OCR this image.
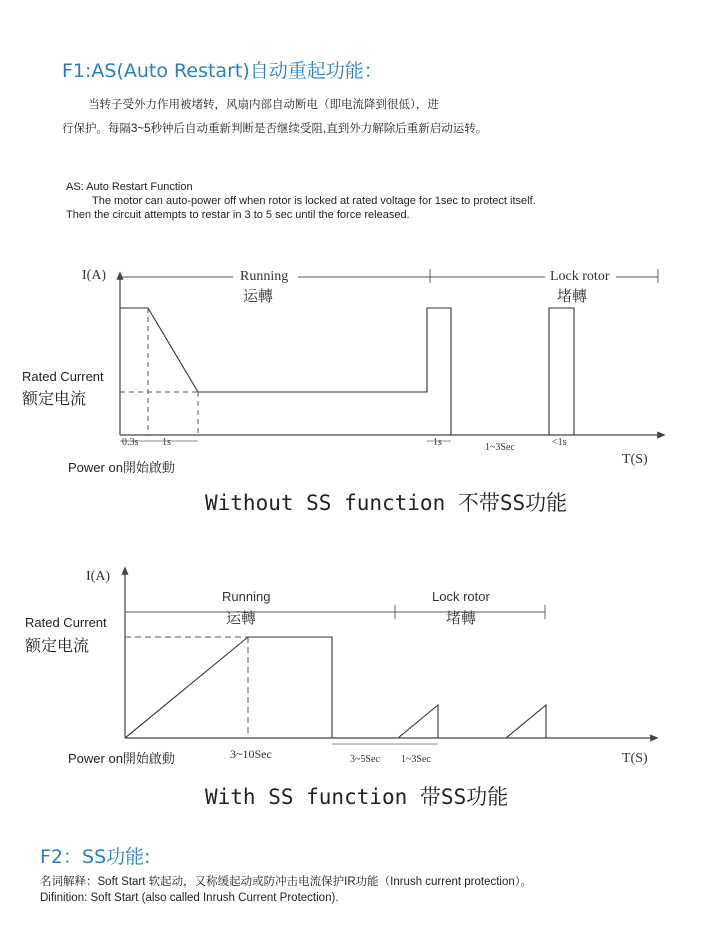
F1:AS(Auto Restart)自动重起功能：
当转子受外力作用被堵转，风扇内部自动断电（即电流降到很低），进
行保护。每隔3~5秒钟后自动重新判断是否继续受阻,直到外力解除后重新启动运转。
AS: Auto Restart Function
The motor can auto-power off when rotor is locked at rated voltage for 1sec to protect itself.
Then the circuit attempts to restar in 3 to 5 sec until the force released.
I(A)	Running
运轉
Lock rotor
堵轉
0.3s 1s	1s	1~3Sec	<1s
T(S)
Rated Current
额定电流
Power on開始啟動
Without SS function 不带SS功能
I(A)
Running
运轉
Lock rotor
堵轉
3~10Sec	3~5Sec 1~3Sec	T(S)
Rated Current
额定电流
Power on開始啟動
With SS function 带SS功能
F2：SS功能:
名词解释：Soft Start 软起动，又称缓起动或防冲击电流保护IR功能（Inrush current protection）。
Difinition: Soft Start (also called Inrush Current Protection).
